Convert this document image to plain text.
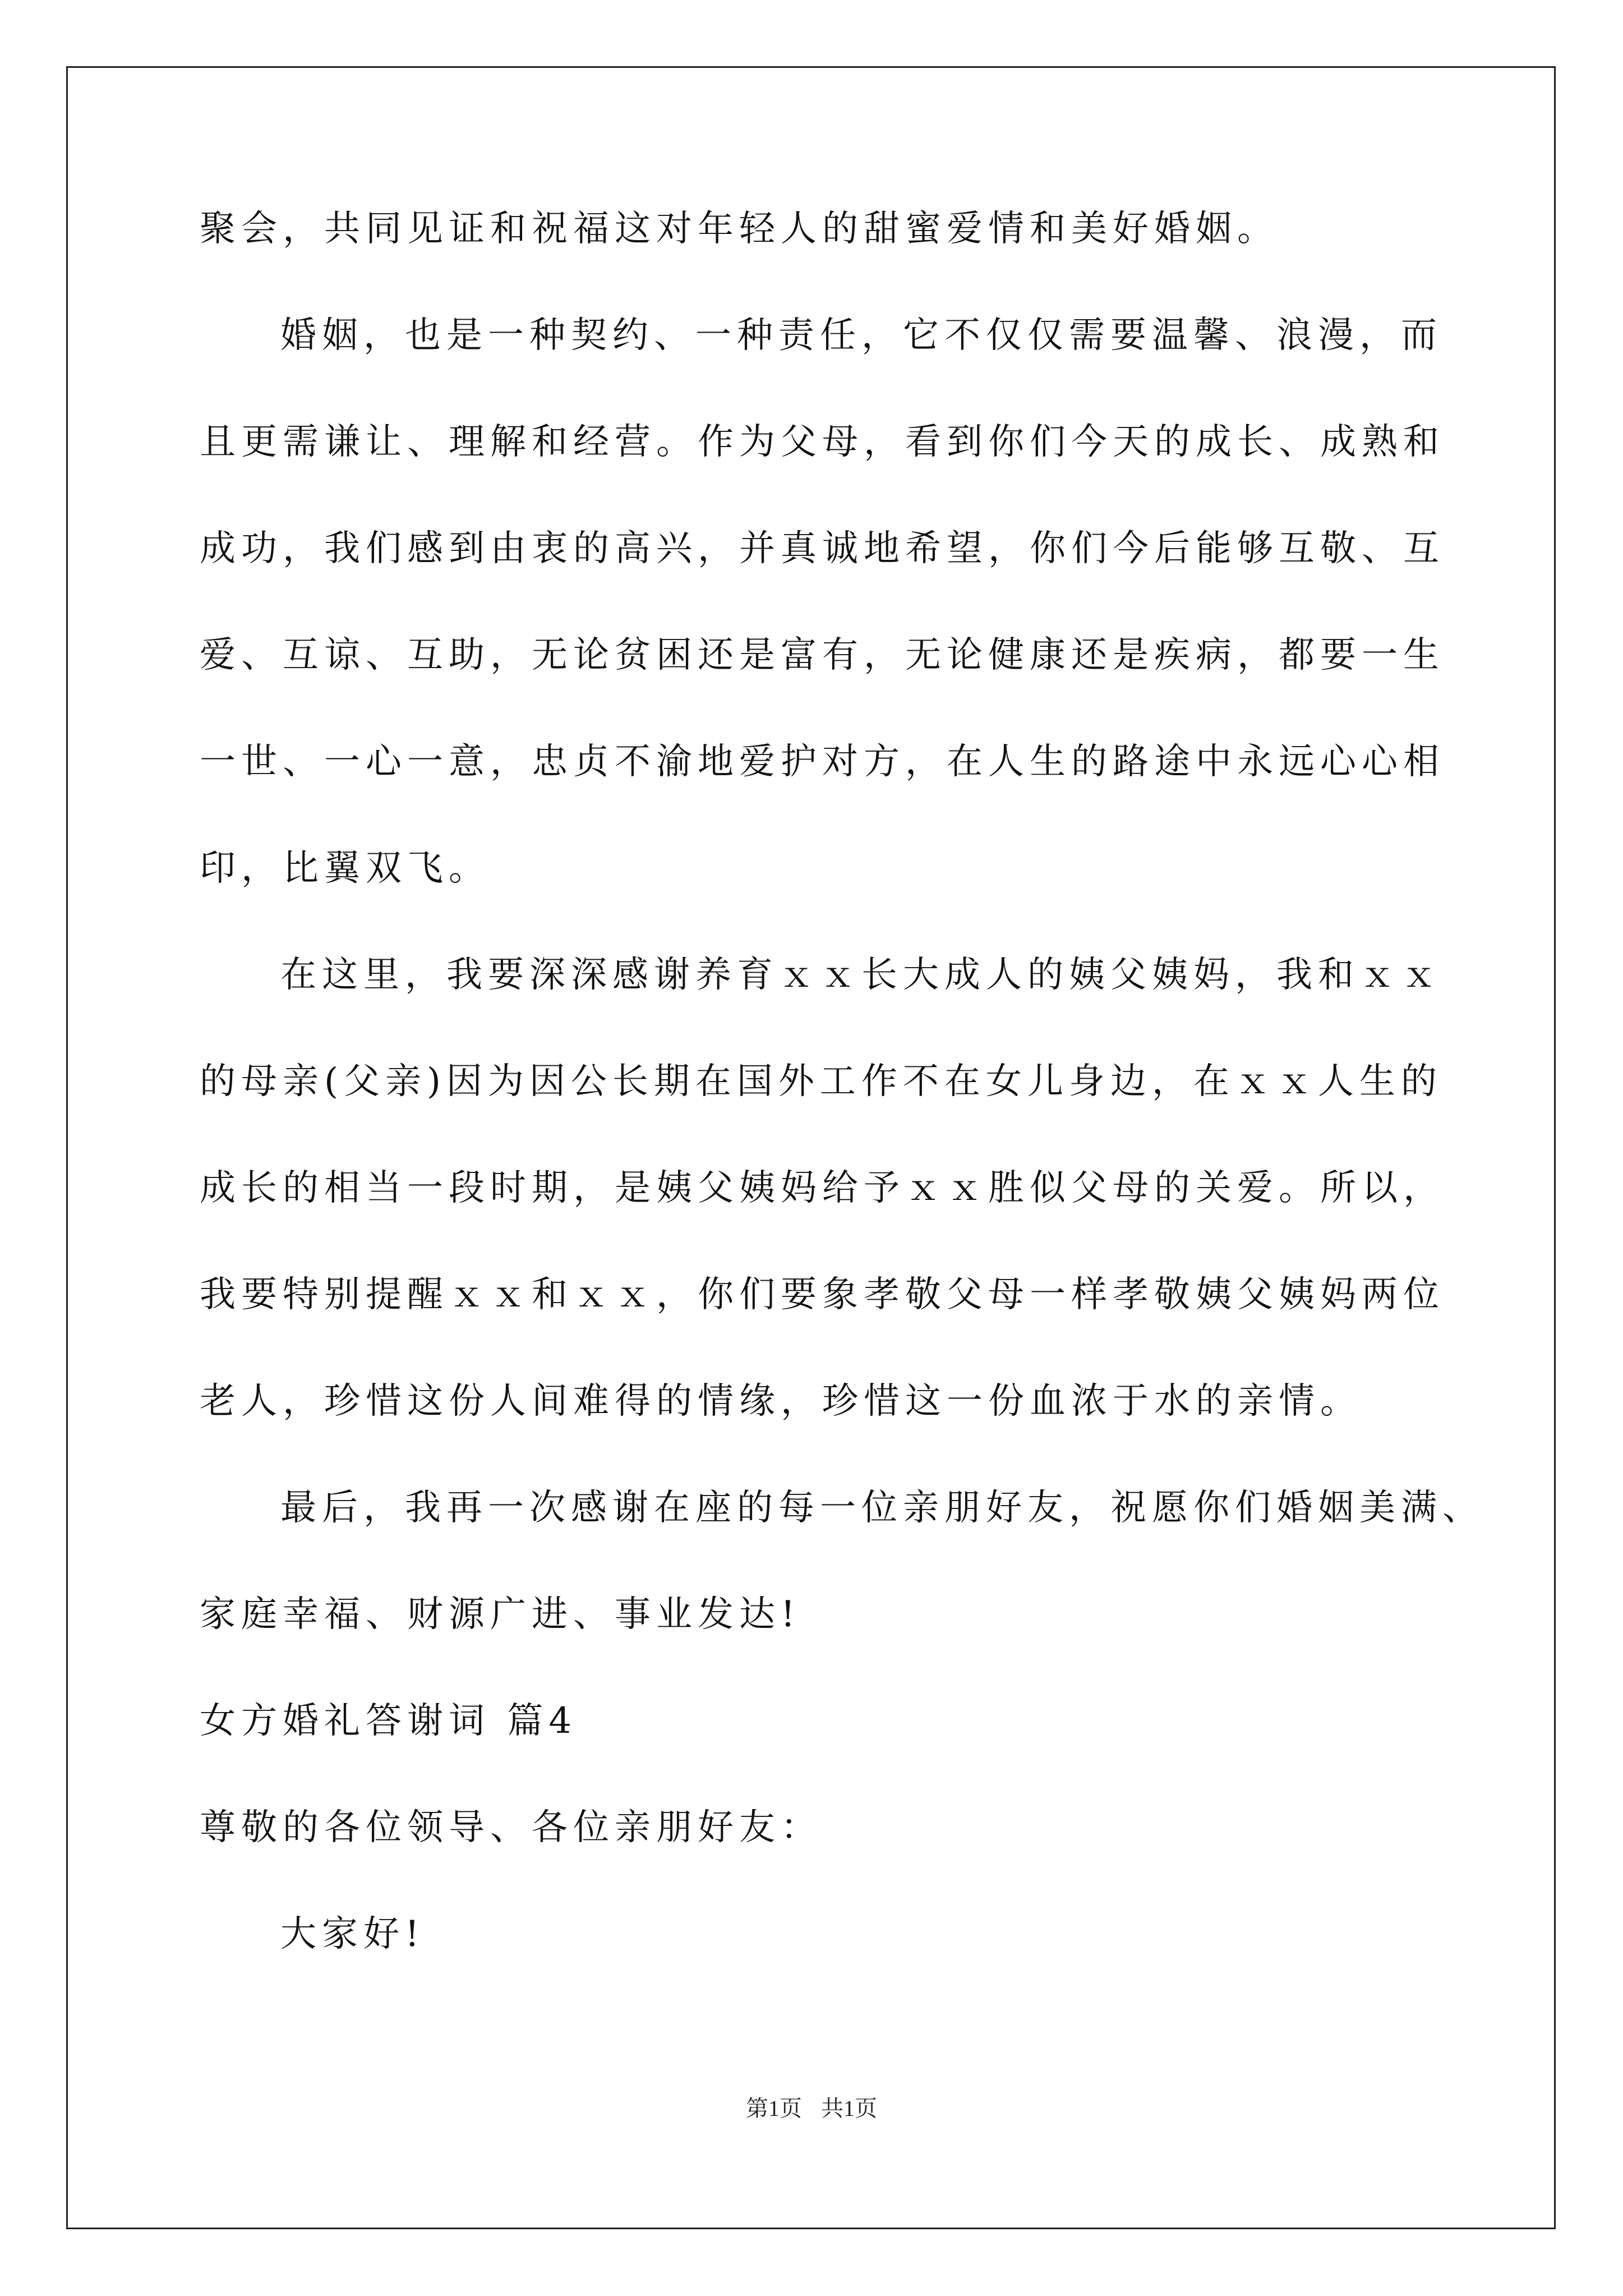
聚会，共同见证和祝福这对年轻人的甜蜜爱情和美好婚姻。
婚姻，也是一种契约、一种责任，它不仅仅需要温馨、浪漫，而
且更需谦让、理解和经营。作为父母，看到你们今天的成长、成熟和
成功，我们感到由衷的高兴，并真诚地希望，你们今后能够互敬、互
爱、互谅、互助，无论贫困还是富有，无论健康还是疾病，都要一生
一世、一心一意，忠贞不渝地爱护对方，在人生的路途中永远心心相
印，比翼双飞。
在这里，我要深深感谢养育ｘｘ长大成人的姨父姨妈，我和ｘｘ
的母亲(父亲)因为因公长期在国外工作不在女儿身边，在ｘｘ人生的
成长的相当一段时期，是姨父姨妈给予ｘｘ胜似父母的关爱。所以，
我要特别提醒ｘｘ和ｘｘ，你们要象孝敬父母一样孝敬姨父姨妈两位
老人，珍惜这份人间难得的情缘，珍惜这一份血浓于水的亲情。
最后，我再一次感谢在座的每一位亲朋好友，祝愿你们婚姻美满、
家庭幸福、财源广进、事业发达!
女方婚礼答谢词 篇4
尊敬的各位领导、各位亲朋好友：
大家好!
第1页 共1页
